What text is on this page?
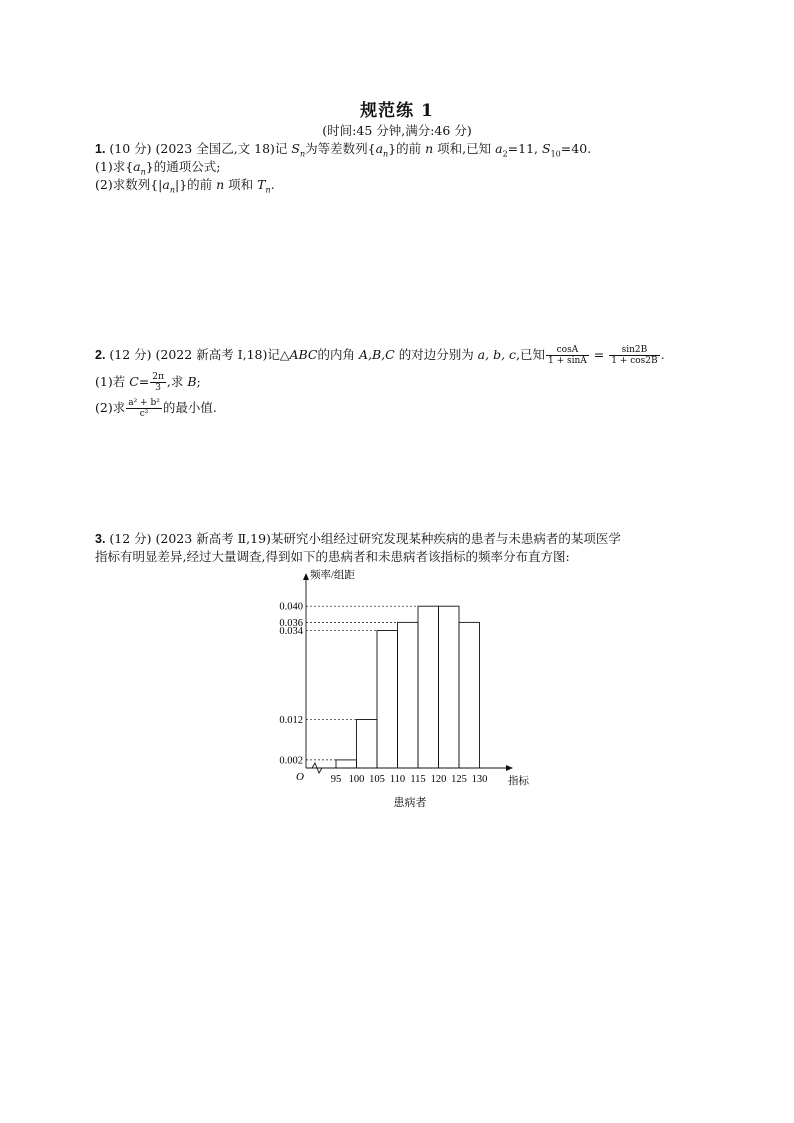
规范练 1
(时间:45 分钟,满分:46 分)
1. (10 分) (2023 全国乙,文 18)记 $S_n$为等差数列$\{a_n\}$的前 n 项和,已知 $a_2=11$, $S_{10}=40$.
(1)求$\{a_n\}$的通项公式;
(2)求数列$\{|a_n|\}$的前 n 项和 $T_n$.
2. (12 分) (2022 新高考 Ⅰ,18)记△ABC的内角 A,B,C 的对边分别为 a, b, c,已知 $\frac{\cos A}{1 + \sin A} = \frac{\sin 2B}{1 + \cos 2B}$ .
(1)若 $C= \frac{2\pi}{3}$ ,求 B;
(2)求 $\frac{\text{a² + b²}}{\text{c²}}$ 的最小值.
3. (12 分) (2023 新高考 Ⅱ,19)某研究小组经过研究发现某种疾病的患者与未患病者的某项医学
指标有明显差异,经过大量调查,得到如下的患病者和未患病者该指标的频率分布直方图:
0.002
0.012
0.034
0.036
0.040
O	95 100 105 110 115 120 125 130
频率/组距
指标
患病者
